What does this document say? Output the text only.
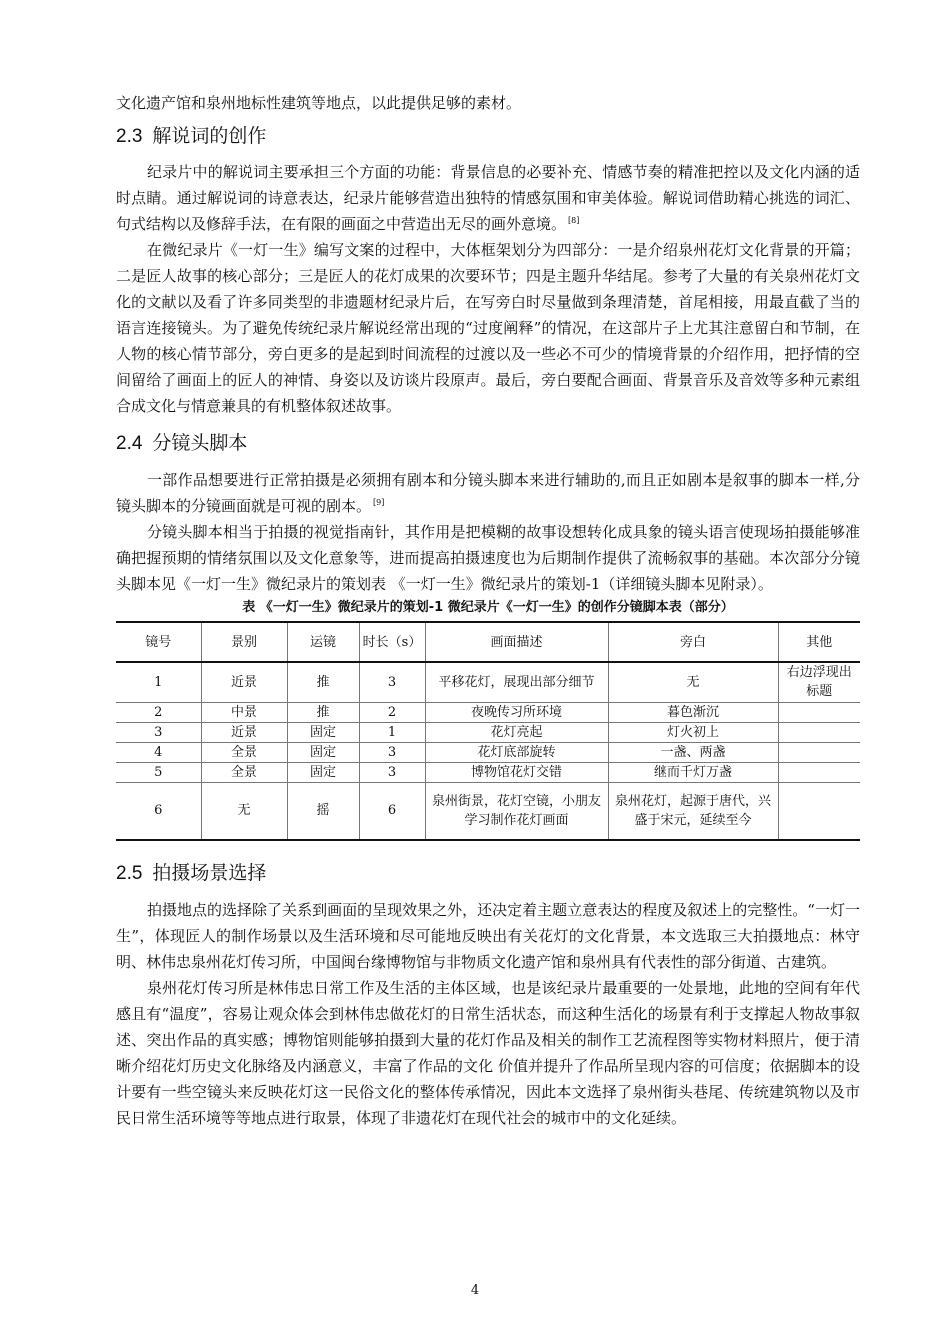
文化遗产馆和泉州地标性建筑等地点，以此提供足够的素材。

2.3 解说词的创作

纪录片中的解说词主要承担三个方面的功能：背景信息的必要补充、情感节奏的精准把控以及文化内涵的适时点睛。通过解说词的诗意表达，纪录片能够营造出独特的情感氛围和审美体验。解说词借助精心挑选的词汇、句式结构以及修辞手法，在有限的画面之中营造出无尽的画外意境。 [8]

在微纪录片《一灯一生》编写文案的过程中，大体框架划分为四部分：一是介绍泉州花灯文化背景的开篇；二是匠人故事的核心部分；三是匠人的花灯成果的次要环节；四是主题升华结尾。参考了大量的有关泉州花灯文化的文献以及看了许多同类型的非遗题材纪录片后，在写旁白时尽量做到条理清楚，首尾相接，用最直截了当的语言连接镜头。为了避免传统纪录片解说经常出现的“过度阐释”的情况，在这部片子上尤其注意留白和节制，在人物的核心情节部分，旁白更多的是起到时间流程的过渡以及一些必不可少的情境背景的介绍作用，把抒情的空间留给了画面上的匠人的神情、身姿以及访谈片段原声。最后，旁白要配合画面、背景音乐及音效等多种元素组合成文化与情意兼具的有机整体叙述故事。

2.4 分镜头脚本

一部作品想要进行正常拍摄是必须拥有剧本和分镜头脚本来进行辅助的,而且正如剧本是叙事的脚本一样,分镜头脚本的分镜画面就是可视的剧本。 [9]

分镜头脚本相当于拍摄的视觉指南针，其作用是把模糊的故事设想转化成具象的镜头语言使现场拍摄能够准确把握预期的情绪氛围以及文化意象等，进而提高拍摄速度也为后期制作提供了流畅叙事的基础。本次部分分镜头脚本见《一灯一生》微纪录片的策划表 《一灯一生》微纪录片的策划-1（详细镜头脚本见附录）。

表 《一灯一生》微纪录片的策划-1 微纪录片《一灯一生》的创作分镜脚本表（部分）
镜号	景别	运镜	时长（s）	画面描述	旁白	其他
1	近景	推	3	平移花灯，展现出部分细节	无	右边浮现出标题
2	中景	推	2	夜晚传习所环境	暮色渐沉	
3	近景	固定	1	花灯亮起	灯火初上	
4	全景	固定	3	花灯底部旋转	一盏、两盏	
5	全景	固定	3	博物馆花灯交错	继而千灯万盏	
6	无	摇	6	泉州街景，花灯空镜，小朋友学习制作花灯画面	泉州花灯，起源于唐代，兴盛于宋元，延续至今	
2.5 拍摄场景选择

拍摄地点的选择除了关系到画面的呈现效果之外，还决定着主题立意表达的程度及叙述上的完整性。“一灯一生”，体现匠人的制作场景以及生活环境和尽可能地反映出有关花灯的文化背景，本文选取三大拍摄地点：林守明、林伟忠泉州花灯传习所，中国闽台缘博物馆与非物质文化遗产馆和泉州具有代表性的部分街道、古建筑。

泉州花灯传习所是林伟忠日常工作及生活的主体区域，也是该纪录片最重要的一处景地，此地的空间有年代感且有“温度”，容易让观众体会到林伟忠做花灯的日常生活状态，而这种生活化的场景有利于支撑起人物故事叙述、突出作品的真实感；博物馆则能够拍摄到大量的花灯作品及相关的制作工艺流程图等实物材料照片，便于清晰介绍花灯历史文化脉络及内涵意义，丰富了作品的文化 价值并提升了作品所呈现内容的可信度；依据脚本的设计要有一些空镜头来反映花灯这一民俗文化的整体传承情况，因此本文选择了泉州街头巷尾、传统建筑物以及市民日常生活环境等等地点进行取景，体现了非遗花灯在现代社会的城市中的文化延续。

4
